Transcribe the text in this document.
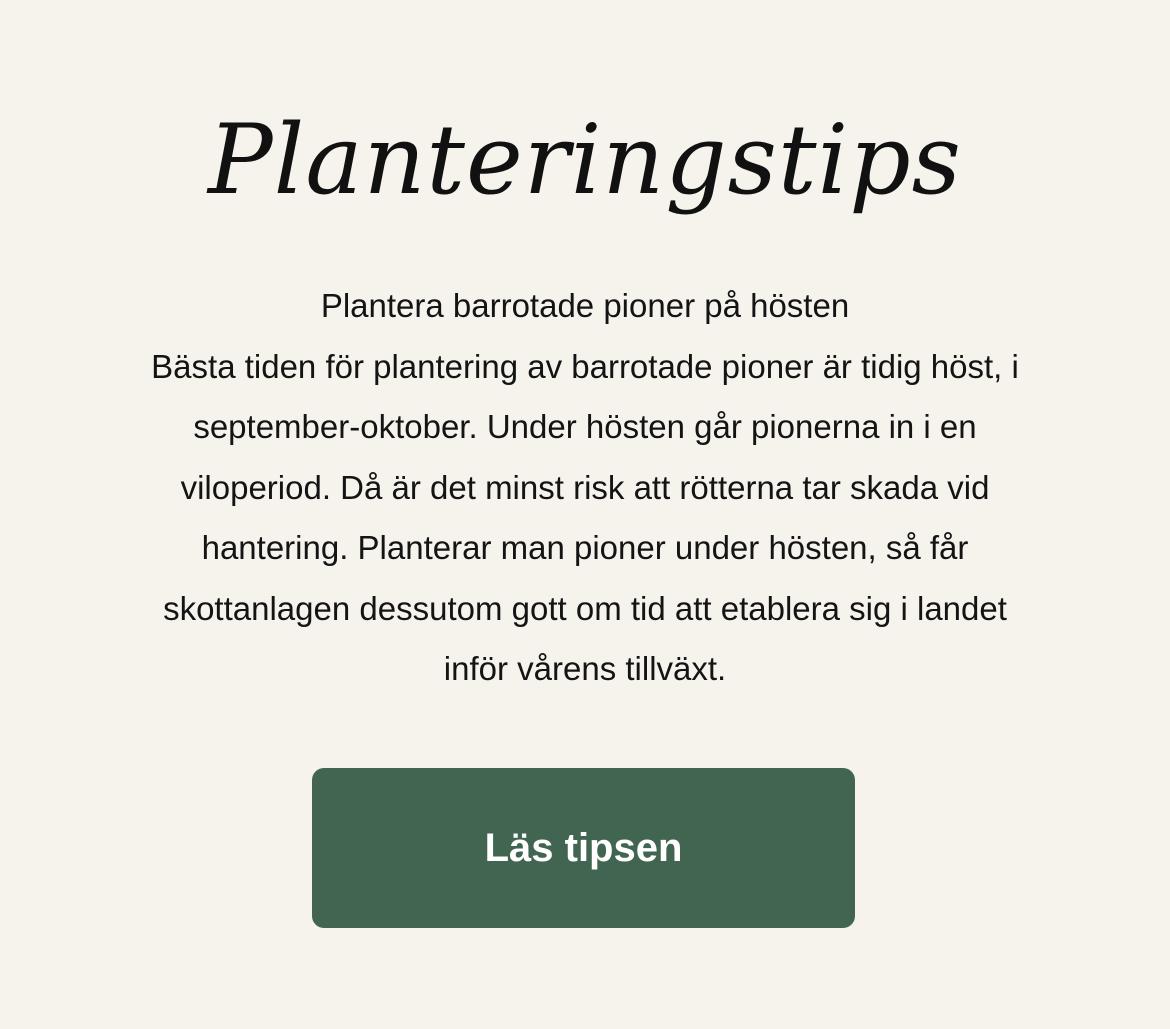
Planteringstips

Plantera barrotade pioner på hösten

Bästa tiden för plantering av barrotade pioner är tidig höst, i september-oktober. Under hösten går pionerna in i en viloperiod. Då är det minst risk att rötterna tar skada vid hantering. Planterar man pioner under hösten, så får skottanlagen dessutom gott om tid att etablera sig i landet inför vårens tillväxt.

Läs tipsen
